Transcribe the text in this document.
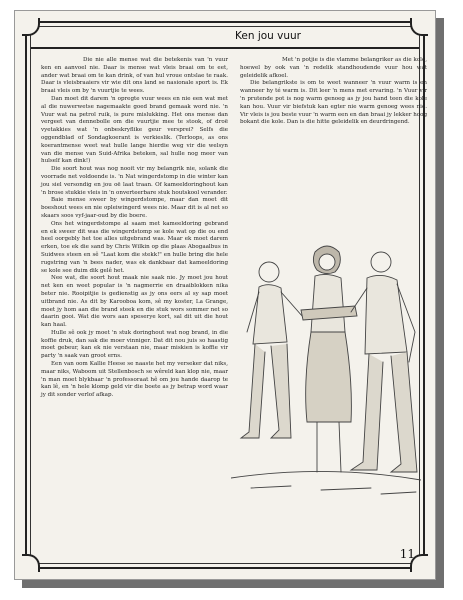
Ken jou vuur

Die nie alle mense wat die betekenis van 'n vuur ken en aanvoel nie. Daar is mense wat vleis braai om te eet, ander wat braai om te kan drink, of van hul vroue ontslae te raak. Daar is vleisbraaiers vir wie dit ons land se nasionale sport is. Ek braai vleis om by 'n vuurtjie te wees.

Dan moet dit darem 'n opregte vuur wees en nie een wat met al die nuwerwetse nagemaakte goed brand gemaak word nie. 'n Vuur wat na petrol ruik, is pure mislukking. Het ons mense dan vergeet van dennebolle om die vuurtjie mee te stook, of droë vyetakkies wat 'n onbeskryflike geur versprei? Selfs die oggendblad of Sondagkoerant is verkieslik. (Terloops, as ons koerantmense weet wat hulle lange hierdie weg vir die welsyn van die mense van Suid-Afrika beteken, sal hulle nog meer van hulself kan dink!)

Die soort hout was nog nooit vir my belangrik nie, solank die voorrade net voldoende is. 'n Nat wingerdstomp in die winter kan jou siel versondig en jou oë laat traan. Of kameeldoringhout kan 'n brose stukkie vleis in 'n onverteerbare stuk houtskool verander.

Baie mense sweer by wingerdstompe, maar dan moet dit boeshout wees en nie opleiwingerd wees nie. Maar dit is al net so skaars soos vyf-jaar-oud by die boere.

Ons het wingerdstompe al saam met kameeldoring gebrand en ek sweer dit was die wingerdstomp se kole wat op die ou end heel oorgebly het toe alles uitgebrand was. Maar ek moet darem erken, toe ek die sand by Chris Wilkin op die plaas Abogaalbus in Suidwes steen en sê "Laat kom die stekk!" en hulle bring die hele rugstring van 'n bees nader, was ek dankbaar dat kameeldoring se kole see duim dik gelê het.

Nee wat, die soort hout maak nie saak nie. Jy moet jou hout net ken en weet popular is 'n nagmerrie en draaiblokken nika beter nie. Rooipitjie is gedienstig as jy ons eers al sy sap moet uitbrand nie. As dit by Karooboa kom, sê my koster, La Grange, moet jy hom aan die brand steek en die stuk wors sommer net so daarin gooi. Wat die wors aan speserye kort, sal dit uit die hout kan haal.

Hulle sê ook jy moet 'n stuk doringhout wat nog brand, in die koffie druk, dan sak die moer vinniger. Dat dit nou juis so haastig moet gebeur, kan ek nie verstaan nie, maar miskien is koffie vir party 'n saak van groot erns.

Een van oom Kallie Heese se naaste het my verseker dat niks, maar niks, Waboom uit Stellenbosch se wêreld kan klop nie, maar 'n man moet blykbaar 'n professoraat hê om jou hande daarop te kan lê, en 'n hele klomp geld vir die boete as jy betrap word waar jy dit sonder verlof afkap.

Met 'n potjie is die vlamme belangriker as die kole, hoewel by ook van 'n redelik standhoudende vuur hou wat geleidelik afkoel.

Die belangrikste is om te weet wanneer 'n vuur warm is en wanneer hy té warm is. Dit leer 'n mens met ervaring. 'n Vuur vir 'n prutende pot is nog warm genoeg as jy jou hand teen die kole kan hou. Vuur vir biefstuk kan egter nie warm genoeg wees nie. Vir vleis is jou beste vuur 'n warm een en dan braai jy lekker hoog bokant die kole. Dan is die hitte geleidelik en deurdringend.

11
